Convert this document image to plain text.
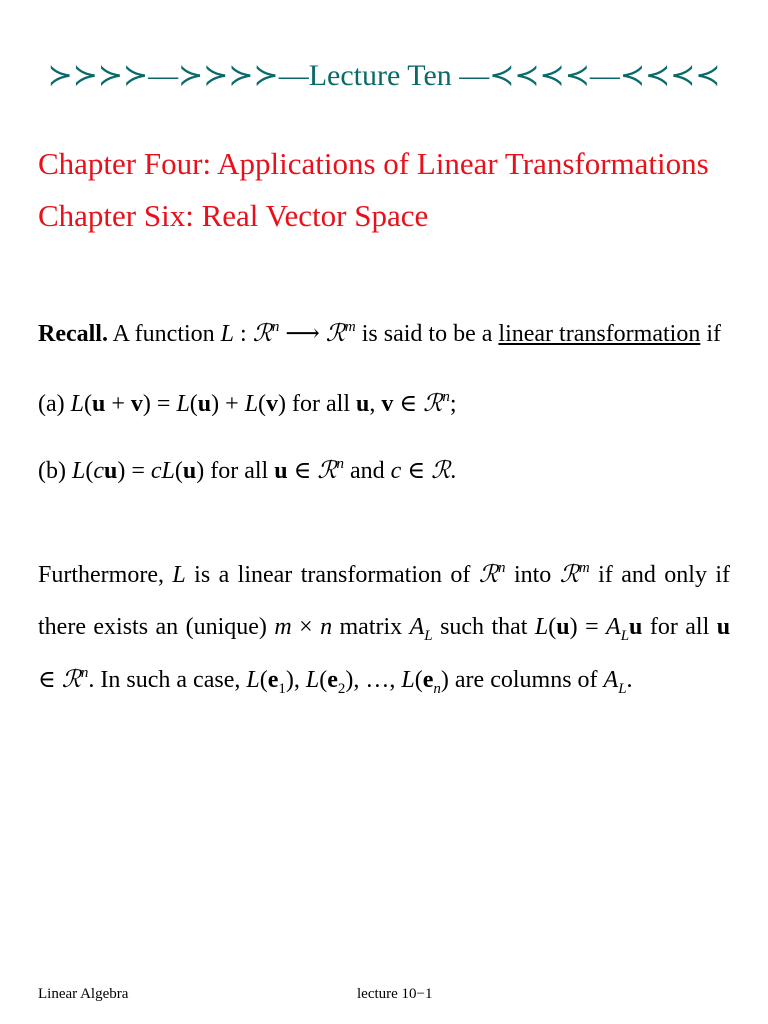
≻≻≻≻—≻≻≻≻—Lecture Ten —≺≺≺≺—≺≺≺≺
Chapter Four: Applications of Linear Transformations
Chapter Six: Real Vector Space
Recall. A function L : ℛ$^n$ ⟶ ℛ$^m$ is said to be a linear transformation if
(a) L(u + v) = L(u) + L(v) for all u, v ∈ ℛ$^n$;
(b) L(cu) = cL(u) for all u ∈ ℛ$^n$ and c ∈ ℛ.
Furthermore, L is a linear transformation of ℛ$^n$ into ℛ$^m$ if and only if there exists an (unique) m × n matrix $A_L$ such that $L(u) = A_Lu$ for all u ∈ ℛ$^n$. In such a case, $L(e_1)$, $L(e_2)$, …, $L(e_n)$ are columns of $A_L$.
Linear Algebra	lecture 10−1
